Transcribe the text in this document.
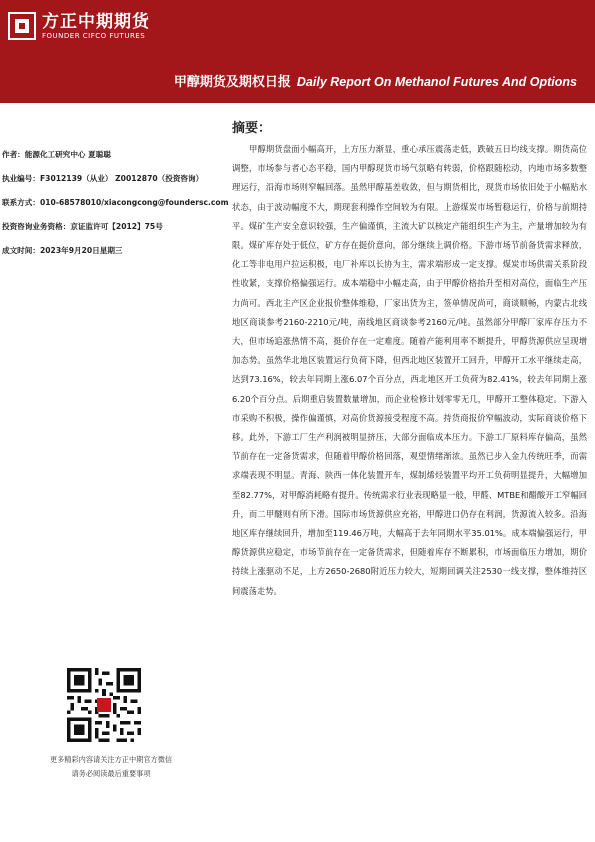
方正中期期货
FOUNDER CIFCO FUTURES
甲醇期货及期权日报 Daily Report On Methanol Futures And Options
作者：能源化工研究中心 夏聪聪
执业编号：F3012139（从业） Z0012870（投资咨询）
联系方式：010-68578010/xiacongcong@foundersc.com
投资咨询业务资格：京证监许可【2012】75号
成文时间：2023年9月20日星期三
更多精彩内容请关注方正中期官方微信
请务必阅读最后重要事项
摘要：

甲醇期货盘面小幅高开，上方压力渐显，重心承压震荡走低，跌破五日均线支撑。期货高位调整，市场参与者心态平稳，国内甲醇现货市场气氛略有转弱，价格跟随松动，内地市场多数整理运行，沿海市场则窄幅回落。虽然甲醇基差收敛，但与期货相比，现货市场依旧处于小幅贴水状态，由于波动幅度不大，期现套利操作空间较为有限。上游煤炭市场暂稳运行，价格与前期持平。煤矿生产安全意识较强，生产偏谨慎，主流大矿以核定产能组织生产为主，产量增加较为有限。煤矿库存处于低位，矿方存在挺价意向，部分继续上调价格。下游市场节前备货需求释放，化工等非电用户拉运积极，电厂补库以长协为主，需求端形成一定支撑。煤炭市场供需关系阶段性收紧，支撑价格偏强运行。成本端稳中小幅走高，由于甲醇价格抬升至相对高位，面临生产压力尚可。西北主产区企业报价整体维稳，厂家出货为主，签单情况尚可，商谈顺畅，内蒙古北线地区商谈参考2160-2210元/吨，南线地区商谈参考2160元/吨。虽然部分甲醇厂家库存压力不大，但市场追涨热情不高，挺价存在一定难度。随着产能利用率不断提升，甲醇货源供应呈现增加态势。虽然华北地区装置运行负荷下降，但西北地区装置开工回升，甲醇开工水平继续走高，达到73.16%，较去年同期上涨6.07个百分点，西北地区开工负荷为82.41%，较去年同期上涨6.20个百分点。后期重启装置数量增加，而企业检修计划零零无几，甲醇开工整体稳定。下游入市采购不积极，操作偏谨慎，对高价货源接受程度不高。持货商报价窄幅波动，实际商谈价格下移。此外，下游工厂生产利润被明显挤压，大部分面临成本压力。下游工厂原料库存偏高，虽然节前存在一定备货需求，但随着甲醇价格回落，观望情绪渐浓。虽然已步入金九传统旺季，而需求端表现不明显。青海、陕西一体化装置开车，煤制烯烃装置平均开工负荷明显提升，大幅增加至82.77%，对甲醇消耗略有提升。传统需求行业表现略显一般，甲醛、MTBE和醋酸开工窄幅回升，而二甲醚则有所下滑。国际市场货源供应充裕，甲醇进口仍存在利润，货源流入较多。沿海地区库存继续回升，增加至119.46万吨，大幅高于去年同期水平35.01%。成本端偏强运行，甲醇货源供应稳定，市场节前存在一定备货需求，但随着库存不断累积，市场面临压力增加，期价持续上涨驱动不足，上方2650-2680附近压力较大，短期回调关注2530一线支撑，整体维持区间震荡走势。
